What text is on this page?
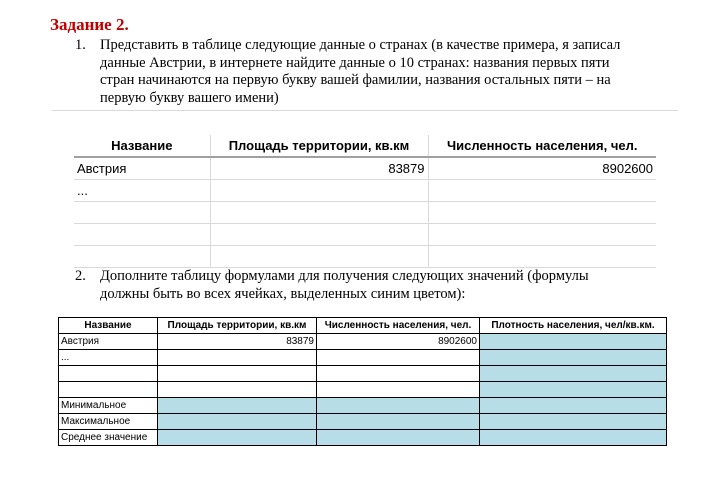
Задание 2.
1. Представить в таблице следующие данные о странах (в качестве примера, я записал
данные Австрии, в интернете найдите данные о 10 странах: названия первых пяти
стран начинаются на первую букву вашей фамилии, названия остальных пяти – на
первую букву вашего имени)
Название	Площадь территории, кв.км	Численность населения, чел.
Австрия	83879	8902600
...		

2. Дополните таблицу формулами для получения следующих значений (формулы
должны быть во всех ячейках, выделенных синим цветом):
Название	Площадь территории, кв.км	Численность населения, чел.	Плотность населения, чел/кв.км.
Австрия	83879	8902600	
...			

Минимальное			
Максимальное			
Среднее значение			
